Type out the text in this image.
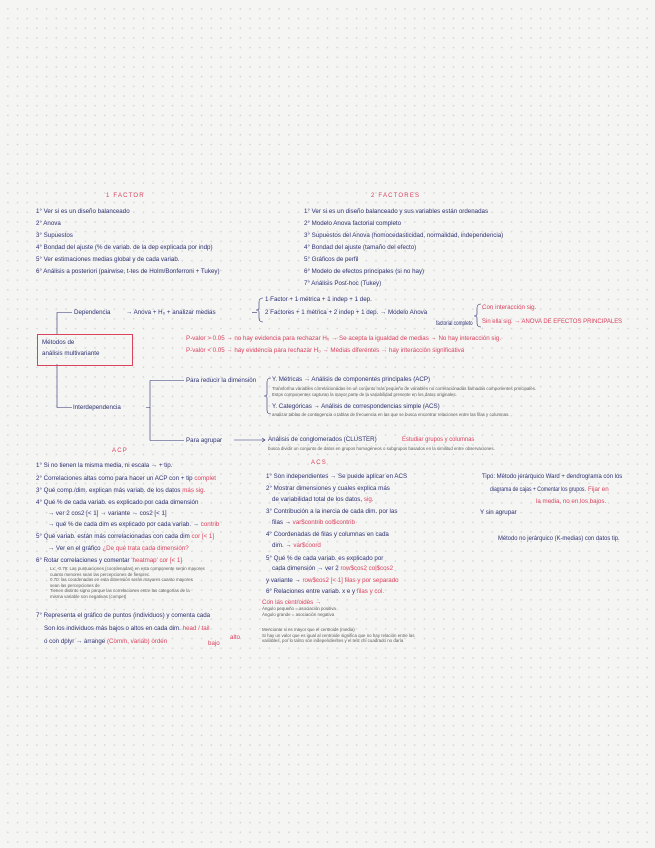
1 FACTOR
1° Ver si es un diseño balanceado
2° Anova
3° Supuestos
4° Bondad del ajuste (% de variab. de la dep explicada por indp)
5° Ver estimaciones medias global y de cada variab.
6° Análisis a posteriori (pairwise, t-tes de Holm/Bonferroni + Tukey)
2 FACTORES
1° Ver si es un diseño balanceado y sus variables están ordenadas
2° Modelo Anova factorial completo
3° Supuestos del Anova (homocedasticidad, normalidad, independencia)
4° Bondad del ajuste (tamaño del efecto)
5° Gráficos de perfil
6° Modelo de efectos principales (si no hay)
7° Análisis Post-hoc (Tukey)
Métodos de
análisis multivariante
Dependencia	→ Anova + H₀ + analizar medias
1 Factor + 1 métrica + 1 indep + 1 dep.
2 Factores + 1 métrica + 2 indep + 1 dep. → Modelo Anova
factorial completo
Con interacción sig.
Sin ella sig. → ANOVA DE EFECTOS PRINCIPALES
P-valor > 0.05 → no hay evidencia para rechazar H₀ → Se acepta la igualdad de medias → No hay interacción sig.
P-valor < 0.05 → hay evidencia para rechazar H₀ → Medias diferentes → hay interacción significativa
Interdependencia
Para reducir la dimensión	Y. Métricas → Análisis de componentes principales (ACP)
Transforma variables correlacionadas en un conjunto más pequeño de variables no correlacionadas llamadas componentes principales.
Estos componentes capturan la mayor parte de la variabilidad presente en los datos originales.
Y. Categóricas → Análisis de correspondencias simple (ACS)
analizar tablas de contingencia o tablas de frecuencia en las que se busca encontrar relaciones entre las filas y columnas.
Para agrupar	Análisis de conglomerados (CLUSTER)	Estudiar grupos y columnas
busca dividir un conjunto de datos en grupos homogéneos o subgrupos basados en la similitud entre observaciones.
ACP
1° Si no tienen la misma media, ni escala → + tip.
2° Correlaciones altas como para hacer un ACP con + tip complet
3° Qué comp./dim. explican más variab. de los datos más sig.
4° Qué % de cada variab. es explicado por cada dimensión
→ ver 2 cos2 [< 1] → variante → cos2 [< 1]
→ qué % de cada dim es explicado por cada variab. → contrib
5° Qué variab. están más correlacionadas con cada dim cor [< 1]
→ Ver en el gráfico ¿De qué trata cada dimensión?
6° Rotar correlaciones y comentar 'heatmap' cor [< 1]
Lx: -0.79: Las puntuaciones (coordenadas) en esta componente serán mayores
cuanto menores sean las percepciones de fiesprec.
0.70: las coordenadas en esta dimensión serán mayores cuanto mayores
sean las percepciones de
Tienen distinto signo porque las correlaciones entre las categorías de la
misma variable son negativas (compet)
7° Representa el gráfico de puntos (individuos) y comenta cada
Son los individuos más bajos o altos en cada dim. head / tail
o con dplyr → arrange (Comm, variab) orden	bajo
alto
ACS
1° Son independientes → Se puede aplicar en ACS
2° Mostrar dimensiones y cuales explica más
de variabilidad total de los datos, sig.
3° Contribución a la inercia de cada dim. por las
filas → var$contrib col$contrib
4° Coordenadas de filas y columnas en cada
dim. → var$coord
5° Qué % de cada variab. es explicado por
cada dimensión → ver 2 row$cos2 col$cos2
y variante → row$cos2 [< 1] filas y por separado
6° Relaciones entre variab. x e y filas y col.
Con las centroides →
Ángulo pequeño = asociación positiva
Ángulo grande = asociación negativa
Mencionar si es mayor que el centroide (media)
Si hay un valor que es igual al centroide significa que no hay relación entre las
variables, por lo tanto son independientes y el test chi cuadrado no daría
Tipo: Método jerárquico Ward + dendrograma con los
diagrama de cajas + Comentar los grupos. Fijar en
la media, no en los bajos.
Y sin agrupar
Método no jerárquico (K-medias) con datos tip.
